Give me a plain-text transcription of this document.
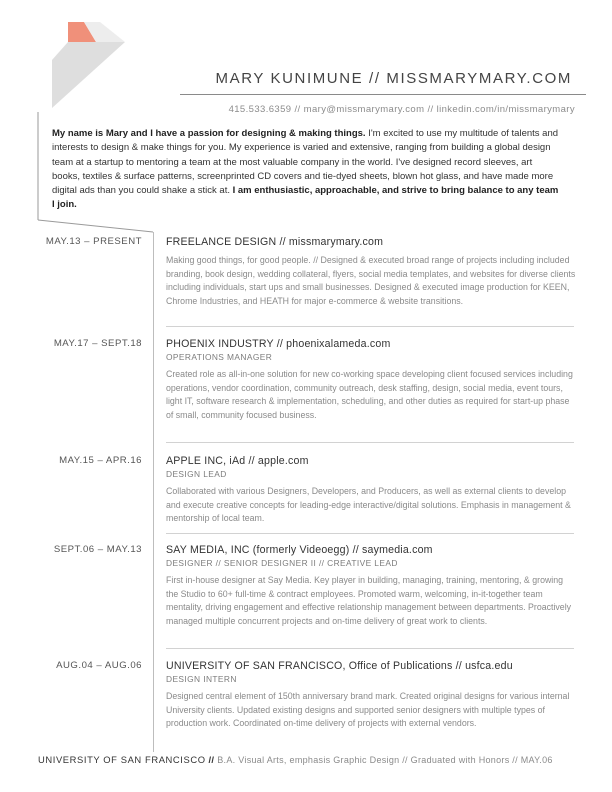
MARY KUNIMUNE // MISSMARYMARY.COM
415.533.6359 // mary@missmarymary.com // linkedin.com/in/missmarymary
My name is Mary and I have a passion for designing & making things. I'm excited to use my multitude of talents and interests to design & make things for you. My experience is varied and extensive, ranging from building a global design team at a startup to mentoring a team at the most valuable company in the world. I've designed record sleeves, art books, textiles & surface patterns, screenprinted CD covers and tie-dyed sheets, blown hot glass, and have made more digital ads than you could shake a stick at. I am enthusiastic, approachable, and strive to bring balance to any team I join.
MAY.13 – PRESENT FREELANCE DESIGN // missmarymary.com
Making good things, for good people. // Designed & executed broad range of projects including included branding, book design, wedding collateral, flyers, social media templates, and websites for diverse clients including individuals, start ups and small businesses. Designed & executed image production for KEEN, Chrome Industries, and HEATH for major e-commerce & website transitions.
MAY.17 – SEPT.18 PHOENIX INDUSTRY // phoenixalameda.com
OPERATIONS MANAGER
Created role as all-in-one solution for new co-working space developing client focused services including operations, vendor coordination, community outreach, desk staffing, design, social media, event tours, light IT, software research & implementation, scheduling, and other duties as required for start-up phase of small, community focused business.
MAY.15 – APR.16 APPLE INC, iAd // apple.com
DESIGN LEAD
Collaborated with various Designers, Developers, and Producers, as well as external clients to develop and execute creative concepts for leading-edge interactive/digital solutions. Emphasis in management & mentorship of local team.
SEPT.06 – MAY.13 SAY MEDIA, INC (formerly Videoegg) // saymedia.com
DESIGNER // SENIOR DESIGNER II // CREATIVE LEAD
First in-house designer at Say Media. Key player in building, managing, training, mentoring, & growing the Studio to 60+ full-time & contract employees. Promoted warm, welcoming, in-it-together team mentality, driving engagement and effective relationship management between departments. Proactively managed multiple concurrent projects and on-time delivery of great work to clients.
AUG.04 – AUG.06 UNIVERSITY OF SAN FRANCISCO, Office of Publications // usfca.edu
DESIGN INTERN
Designed central element of 150th anniversary brand mark. Created original designs for various internal University clients. Updated existing designs and supported senior designers with multiple types of production work. Coordinated on-time delivery of projects with external vendors.
UNIVERSITY OF SAN FRANCISCO // B.A. Visual Arts, emphasis Graphic Design // Graduated with Honors // MAY.06
